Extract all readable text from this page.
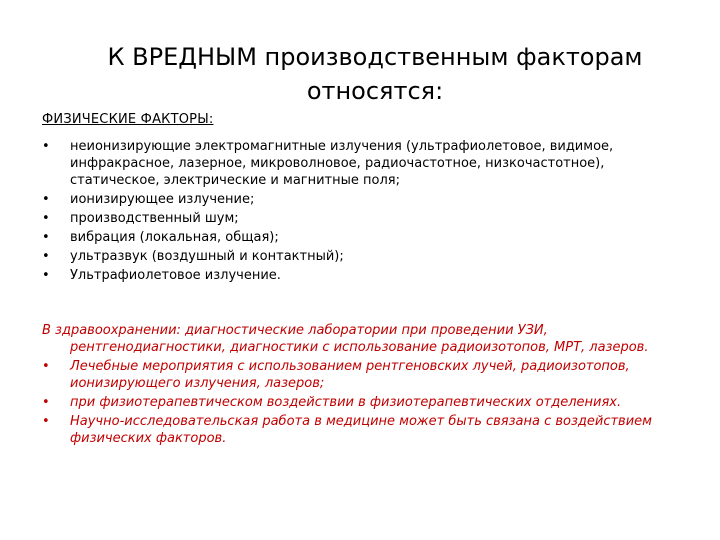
К ВРЕДНЫМ производственным факторам относятся:
ФИЗИЧЕСКИЕ ФАКТОРЫ:
• неионизирующие электромагнитные излучения (ультрафиолетовое, видимое, инфракрасное, лазерное, микроволновое, радиочастотное, низкочастотное), статическое, электрические и магнитные поля;
• ионизирующее излучение;
• производственный шум;
• вибрация (локальная, общая);
• ультразвук (воздушный и контактный);
• Ультрафиолетовое излучение.

В здравоохранении: диагностические лаборатории при проведении УЗИ, рентгенодиагностики, диагностики с использование радиоизотопов, МРТ, лазеров.

• Лечебные мероприятия с использованием рентгеновских лучей, радиоизотопов, ионизирующего излучения, лазеров;
• при физиотерапевтическом воздействии в физиотерапевтических отделениях.
• Научно-исследовательская работа в медицине может быть связана с воздействием физических факторов.
